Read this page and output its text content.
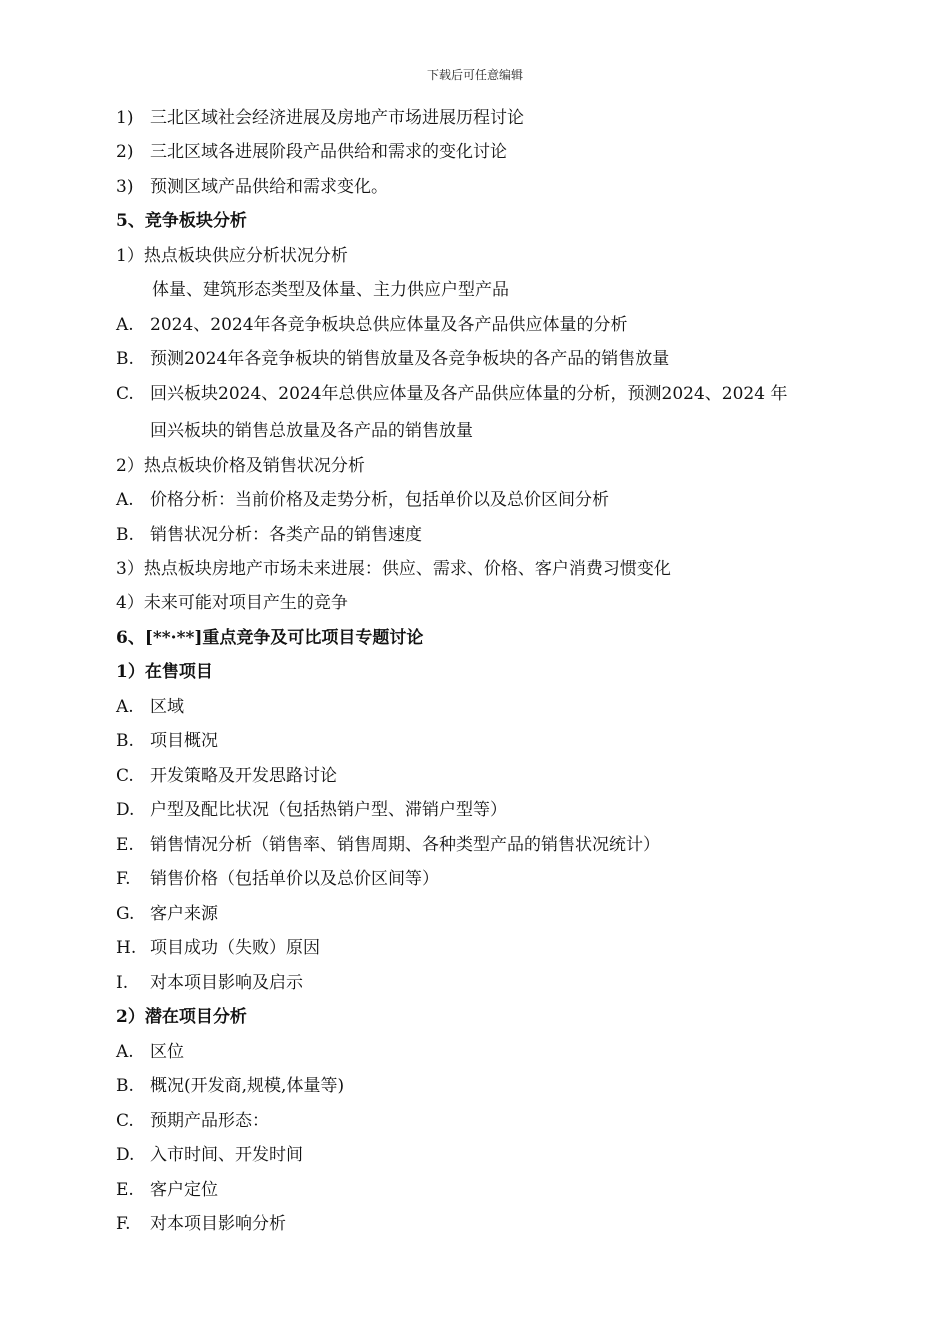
下载后可任意编辑
1) 三北区域社会经济进展及房地产市场进展历程讨论
2) 三北区域各进展阶段产品供给和需求的变化讨论
3) 预测区域产品供给和需求变化。
5、竞争板块分析
1）热点板块供应分析状况分析
体量、建筑形态类型及体量、主力供应户型产品
A. 2024、2024年各竞争板块总供应体量及各产品供应体量的分析
B. 预测2024年各竞争板块的销售放量及各竞争板块的各产品的销售放量
C. 回兴板块2024、2024年总供应体量及各产品供应体量的分析，预测2024、2024 年
回兴板块的销售总放量及各产品的销售放量
2）热点板块价格及销售状况分析
A. 价格分析：当前价格及走势分析，包括单价以及总价区间分析
B. 销售状况分析：各类产品的销售速度
3）热点板块房地产市场未来进展：供应、需求、价格、客户消费习惯变化
4）未来可能对项目产生的竞争
6、[**·**]重点竞争及可比项目专题讨论
1）在售项目
A. 区域
B. 项目概况
C. 开发策略及开发思路讨论
D. 户型及配比状况（包括热销户型、滞销户型等）
E. 销售情况分析（销售率、销售周期、各种类型产品的销售状况统计）
F. 销售价格（包括单价以及总价区间等）
G. 客户来源
H. 项目成功（失败）原因
I. 对本项目影响及启示
2）潜在项目分析
A. 区位
B. 概况(开发商,规模,体量等)
C. 预期产品形态：
D. 入市时间、开发时间
E. 客户定位
F. 对本项目影响分析
